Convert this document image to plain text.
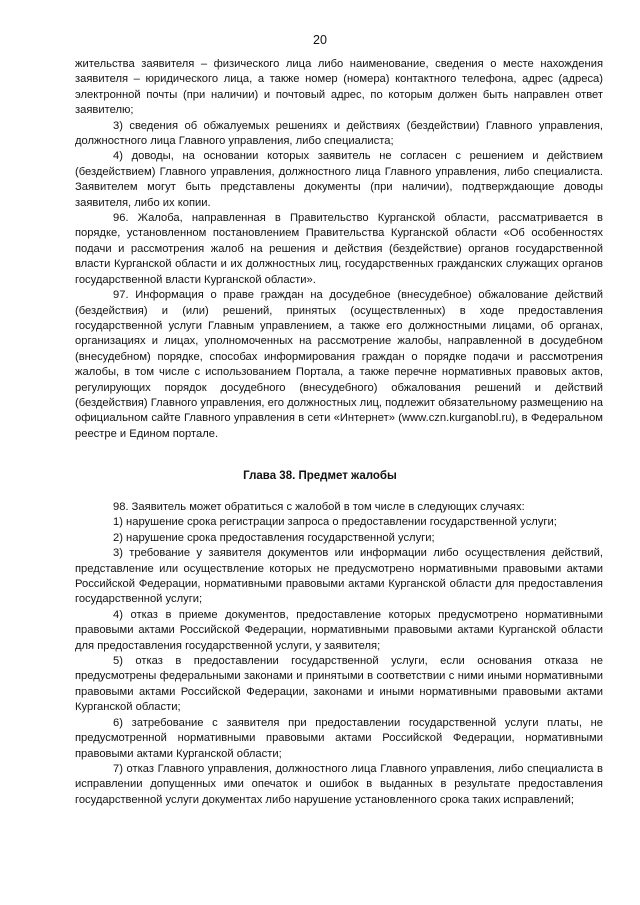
20

жительства заявителя – физического лица либо наименование, сведения о месте нахождения заявителя – юридического лица, а также номер (номера) контактного телефона, адрес (адреса) электронной почты (при наличии) и почтовый адрес, по которым должен быть направлен ответ заявителю;

3) сведения об обжалуемых решениях и действиях (бездействии) Главного управления, должностного лица Главного управления, либо специалиста;

4) доводы, на основании которых заявитель не согласен с решением и действием (бездействием) Главного управления, должностного лица Главного управления, либо специалиста. Заявителем могут быть представлены документы (при наличии), подтверждающие доводы заявителя, либо их копии.

96. Жалоба, направленная в Правительство Курганской области, рассматривается в порядке, установленном постановлением Правительства Курганской области «Об особенностях подачи и рассмотрения жалоб на решения и действия (бездействие) органов государственной власти Курганской области и их должностных лиц, государственных гражданских служащих органов государственной власти Курганской области».

97. Информация о праве граждан на досудебное (внесудебное) обжалование действий (бездействия) и (или) решений, принятых (осуществленных) в ходе предоставления государственной услуги Главным управлением, а также его должностными лицами, об органах, организациях и лицах, уполномоченных на рассмотрение жалобы, направленной в досудебном (внесудебном) порядке, способах информирования граждан о порядке подачи и рассмотрения жалобы, в том числе с использованием Портала, а также перечне нормативных правовых актов, регулирующих порядок досудебного (внесудебного) обжалования решений и действий (бездействия) Главного управления, его должностных лиц, подлежит обязательному размещению на официальном сайте Главного управления в сети «Интернет» (www.czn.kurganobl.ru), в Федеральном реестре и Едином портале.

Глава 38. Предмет жалобы

98. Заявитель может обратиться с жалобой в том числе в следующих случаях:

1) нарушение срока регистрации запроса о предоставлении государственной услуги;

2) нарушение срока предоставления государственной услуги;

3) требование у заявителя документов или информации либо осуществления действий, представление или осуществление которых не предусмотрено нормативными правовыми актами Российской Федерации, нормативными правовыми актами Курганской области для предоставления государственной услуги;

4) отказ в приеме документов, предоставление которых предусмотрено нормативными правовыми актами Российской Федерации, нормативными правовыми актами Курганской области для предоставления государственной услуги, у заявителя;

5) отказ в предоставлении государственной услуги, если основания отказа не предусмотрены федеральными законами и принятыми в соответствии с ними иными нормативными правовыми актами Российской Федерации, законами и иными нормативными правовыми актами Курганской области;

6) затребование с заявителя при предоставлении государственной услуги платы, не предусмотренной нормативными правовыми актами Российской Федерации, нормативными правовыми актами Курганской области;

7) отказ Главного управления, должностного лица Главного управления, либо специалиста в исправлении допущенных ими опечаток и ошибок в выданных в результате предоставления государственной услуги документах либо нарушение установленного срока таких исправлений;
